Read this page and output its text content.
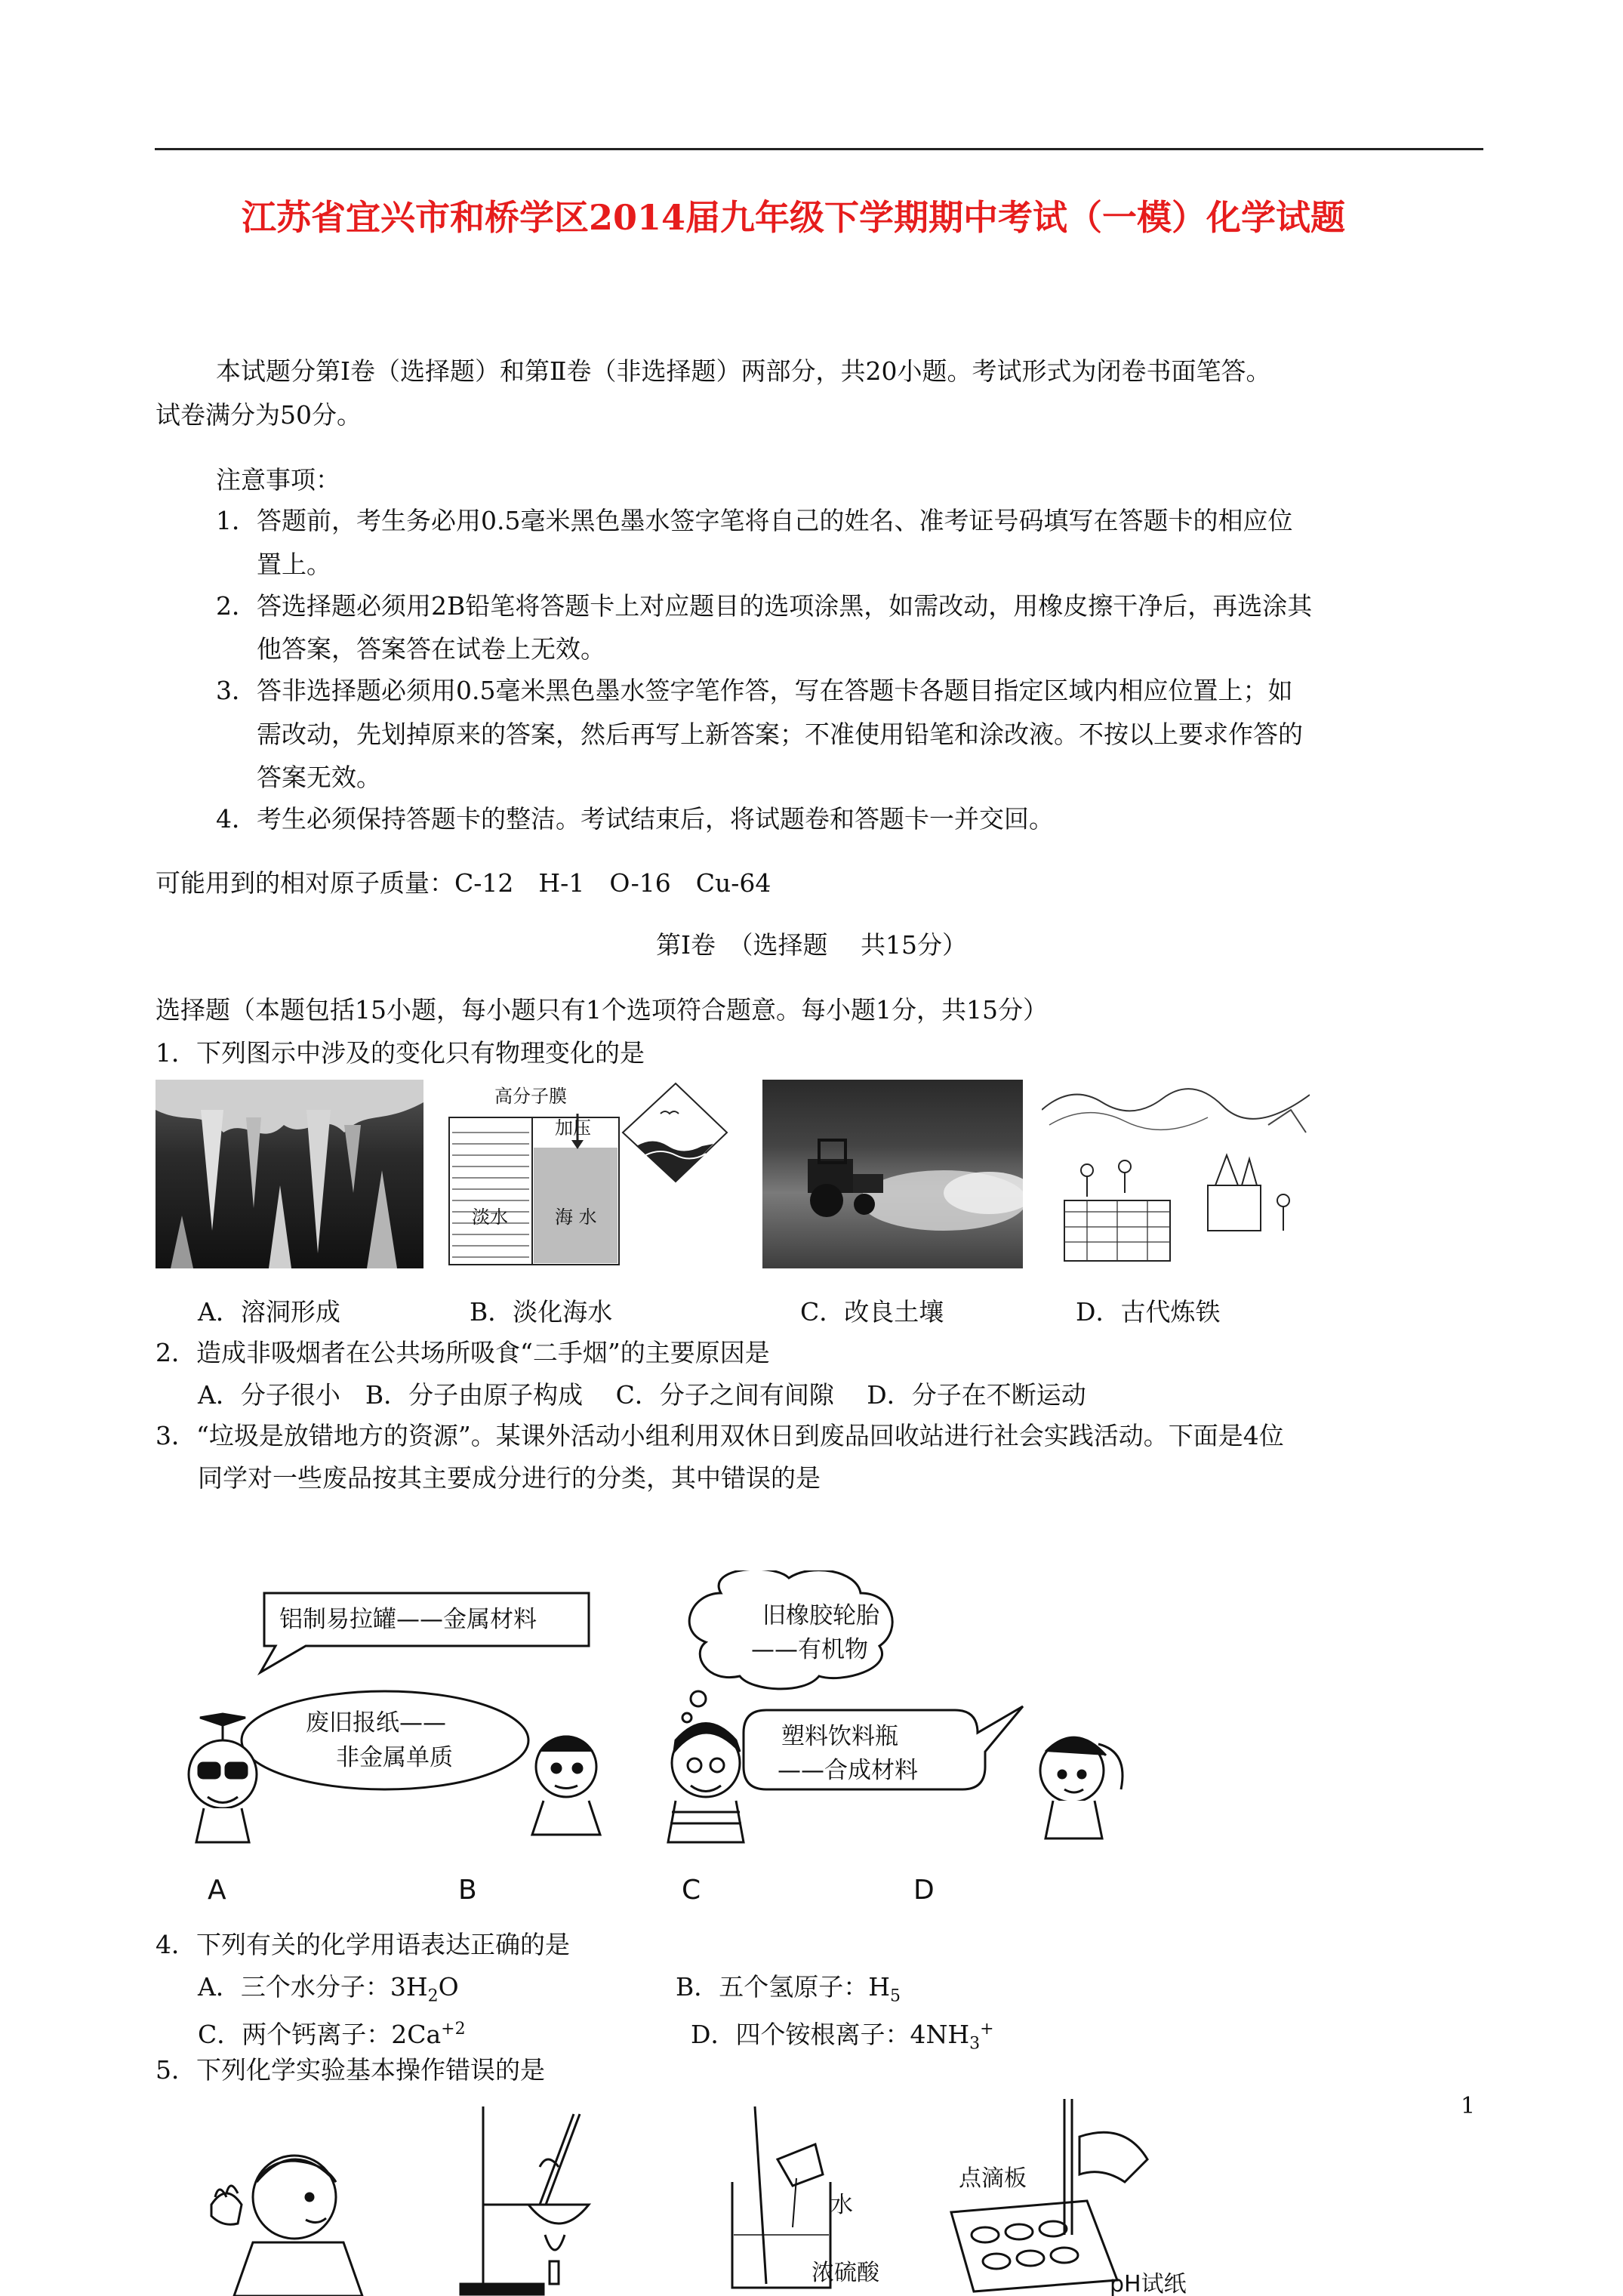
江苏省宜兴市和桥学区2014届九年级下学期期中考试（一模）化学试题
本试题分第Ⅰ卷（选择题）和第Ⅱ卷（非选择题）两部分，共20小题。考试形式为闭卷书面笔答。
试卷满分为50分。
注意事项：
1．答题前，考生务必用0.5毫米黑色墨水签字笔将自己的姓名、准考证号码填写在答题卡的相应位
置上。
2．答选择题必须用2B铅笔将答题卡上对应题目的选项涂黑，如需改动，用橡皮擦干净后，再选涂其
他答案，答案答在试卷上无效。
3．答非选择题必须用0.5毫米黑色墨水签字笔作答，写在答题卡各题目指定区域内相应位置上；如
需改动，先划掉原来的答案，然后再写上新答案；不准使用铅笔和涂改液。不按以上要求作答的
答案无效。
4．考生必须保持答题卡的整洁。考试结束后，将试题卷和答题卡一并交回。
可能用到的相对原子质量：C-12　H-1　O-16　Cu-64
第Ⅰ卷　（选择题　 共15分）
选择题（本题包括15小题，每小题只有1个选项符合题意。每小题1分，共15分）
1．下列图示中涉及的变化只有物理变化的是
高分子膜
加压
淡水	海 水
A．溶洞形成	B．淡化海水	C．改良土壤	D．古代炼铁
2．造成非吸烟者在公共场所吸食“二手烟”的主要原因是
A．分子很小　B．分子由原子构成　 C．分子之间有间隙　 D．分子在不断运动
3．“垃圾是放错地方的资源”。某课外活动小组利用双休日到废品回收站进行社会实践活动。下面是4位
同学对一些废品按其主要成分进行的分类，其中错误的是
铝制易拉罐——金属材料
废旧报纸——
非金属单质
旧橡胶轮胎
——有机物
塑料饮料瓶
——合成材料
A	B	C	D
4．下列有关的化学用语表达正确的是
A．三个水分子：$3H_2O$	B．五个氢原子：$H_5$
C．两个钙离子：$2Ca^{+2}$	D．四个铵根离子：$4NH_3^+$
5．下列化学实验基本操作错误的是
水
浓硫酸
点滴板
pH试纸
1
